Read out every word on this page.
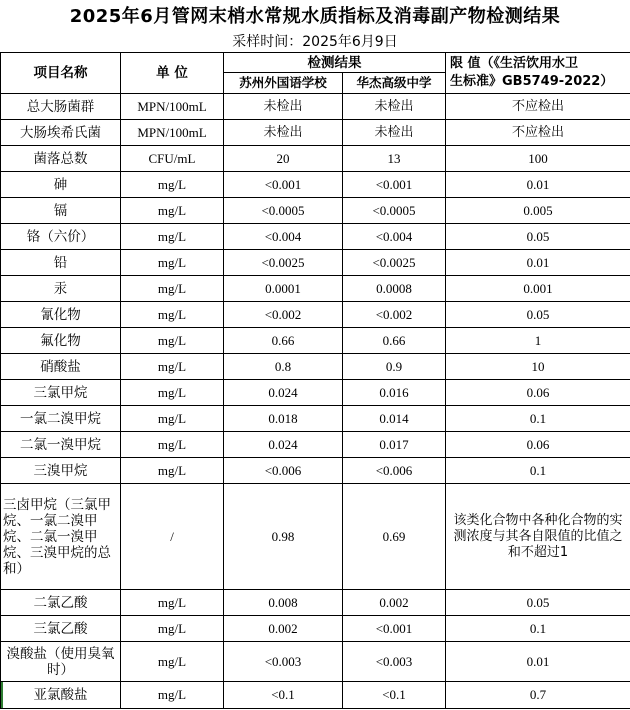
2025年6月管网末梢水常规水质指标及消毒副产物检测结果
采样时间：2025年6月9日
项目名称	单 位	检测结果		限 值（《生活饮用水卫
生标准》GB5749-2022）

		苏州外国语学校	华杰高级中学	
总大肠菌群	MPN/100mL	未检出	未检出	不应检出
大肠埃希氏菌	MPN/100mL	未检出	未检出	不应检出
菌落总数	CFU/mL	20	13	100
砷	mg/L	<0.001	<0.001	0.01
镉	mg/L	<0.0005	<0.0005	0.005
铬（六价）	mg/L	<0.004	<0.004	0.05
铅	mg/L	<0.0025	<0.0025	0.01
汞	mg/L	0.0001	0.0008	0.001
氰化物	mg/L	<0.002	<0.002	0.05
氟化物	mg/L	0.66	0.66	1
硝酸盐	mg/L	0.8	0.9	10
三氯甲烷	mg/L	0.024	0.016	0.06
一氯二溴甲烷	mg/L	0.018	0.014	0.1
二氯一溴甲烷	mg/L	0.024	0.017	0.06
三溴甲烷	mg/L	<0.006	<0.006	0.1
三卤甲烷（三氯甲烷、一氯二溴甲烷、二氯一溴甲烷、三溴甲烷的总和）	/	0.98	0.69	该类化合物中各种化合物的实测浓度与其各自限值的比值之和不超过1
二氯乙酸	mg/L	0.008	0.002	0.05
三氯乙酸	mg/L	0.002	<0.001	0.1
溴酸盐（使用臭氧时）	mg/L	<0.003	<0.003	0.01
亚氯酸盐	mg/L	<0.1	<0.1	0.7
